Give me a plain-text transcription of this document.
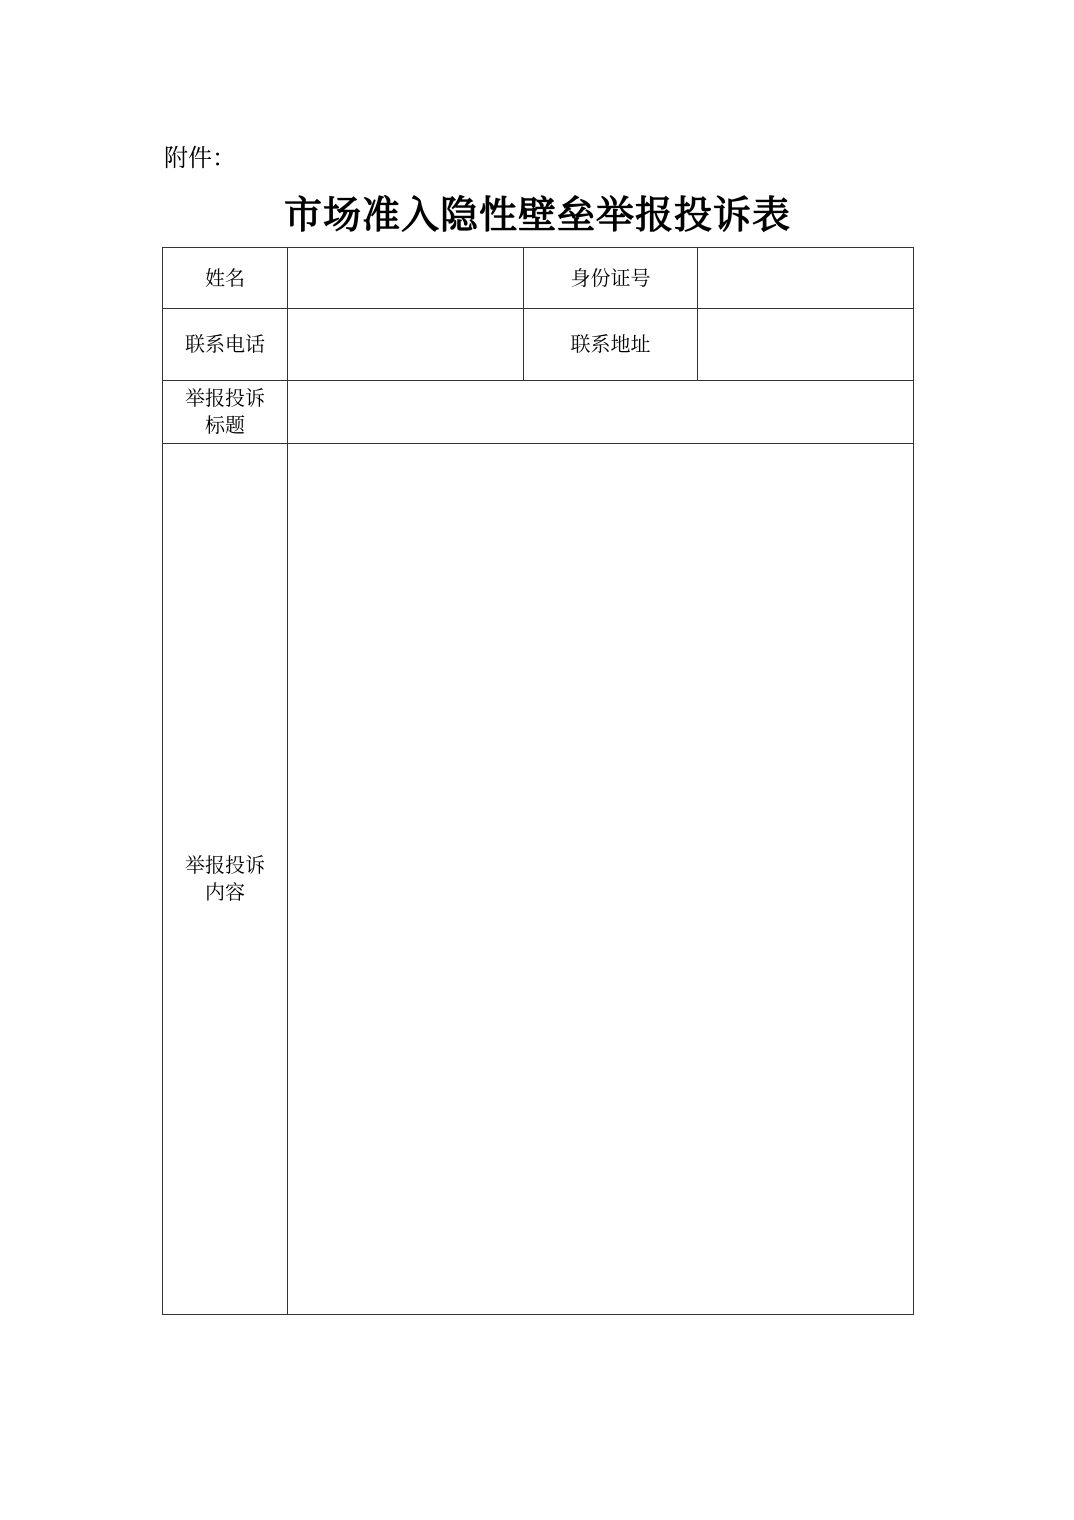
附件：
市场准入隐性壁垒举报投诉表
姓名		身份证号	

联系电话		联系地址	

举报投诉
标题			

举报投诉
内容			
